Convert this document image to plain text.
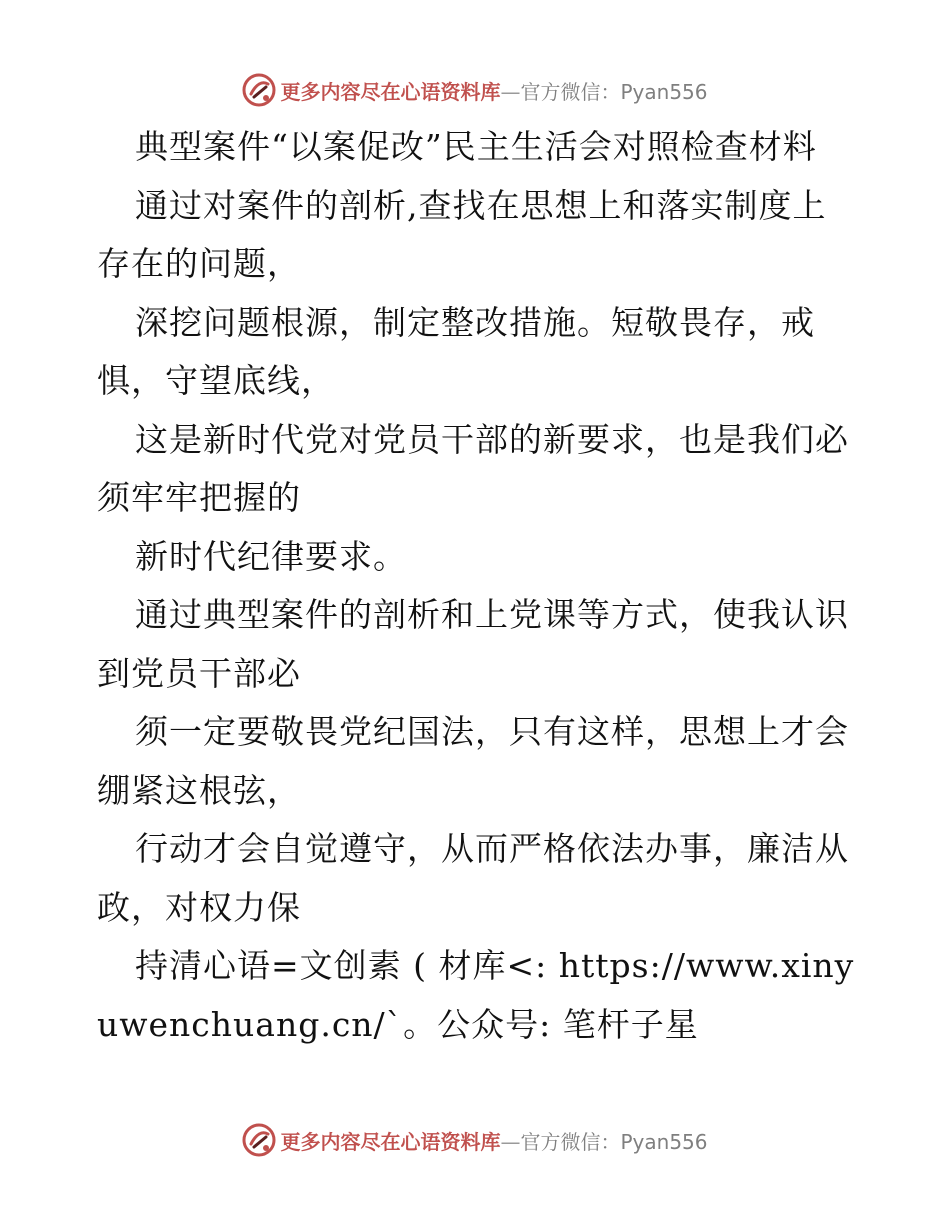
更多内容尽在心语资料库—官方微信：Pyan556

典型案件“以案促改”民主生活会对照检查材料

通过对案件的剖析,查找在思想上和落实制度上存在的问题，

深挖问题根源，制定整改措施。短敬畏存，戒惧，守望底线，

这是新时代党对党员干部的新要求，也是我们必须牢牢把握的

新时代纪律要求。

通过典型案件的剖析和上党课等方式，使我认识到党员干部必

须一定要敬畏党纪国法，只有这样，思想上才会绷紧这根弦，

行动才会自觉遵守，从而严格依法办事，廉洁从政，对权力保

持清心语=文创素 ( 材库<: https://www.xinyuwenchuang.cn/`。公众号: 笔杆子星

更多内容尽在心语资料库—官方微信：Pyan556
